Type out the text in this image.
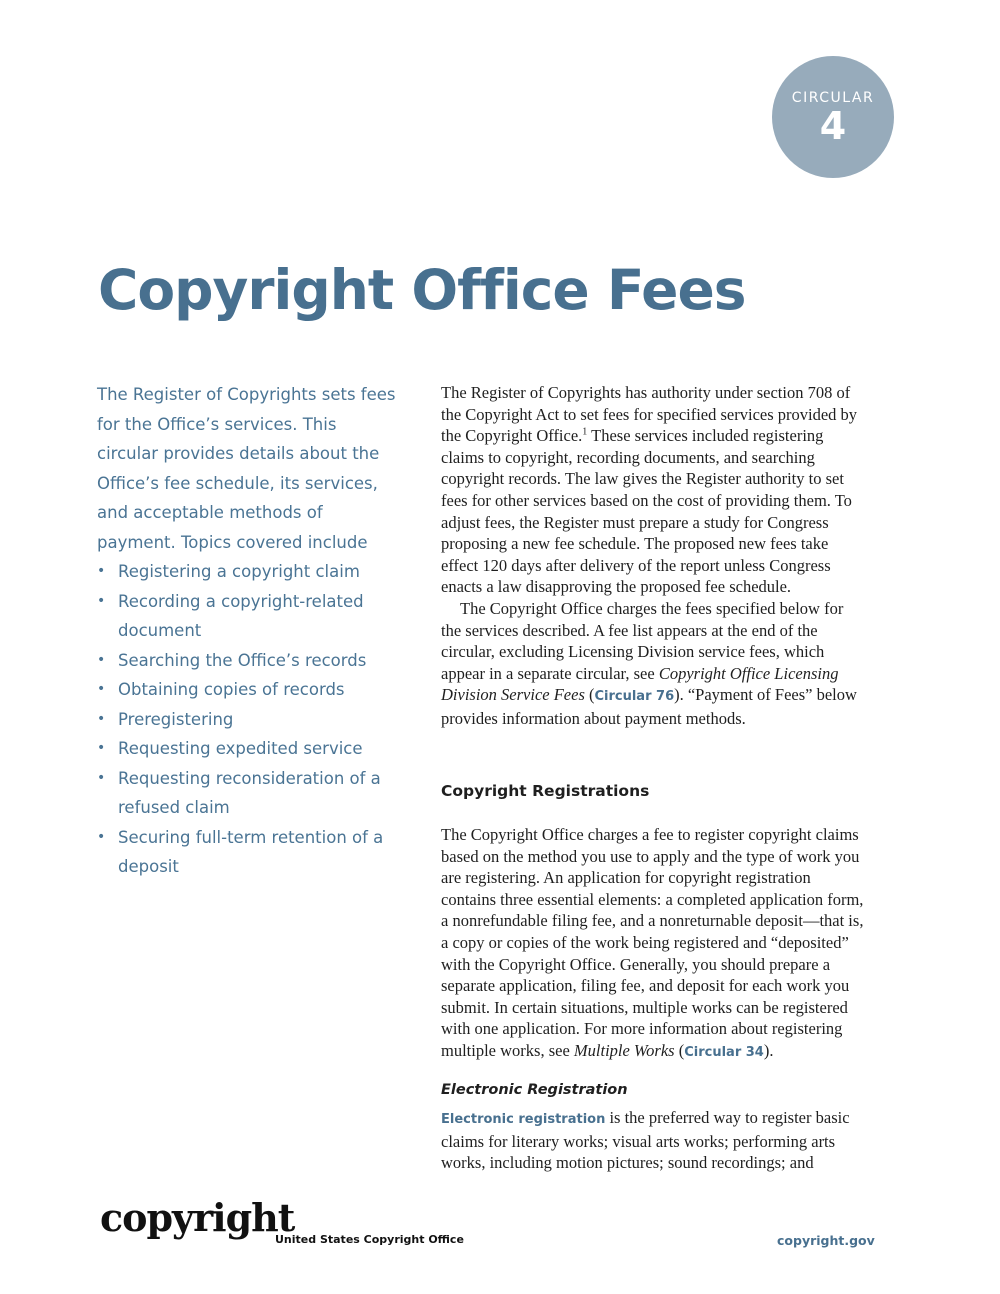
CIRCULAR
4
Copyright Office Fees

The Register of Copyrights sets fees for the Office’s services. This circular provides details about the Office’s fee schedule, its services, and acceptable methods of payment. Topics covered include

• Registering a copyright claim
• Recording a copyright-related document
• Searching the Office’s records
• Obtaining copies of records
• Preregistering
• Requesting expedited service
• Requesting reconsideration of a refused claim
• Securing full-term retention of a deposit

The Register of Copyrights has authority under section 708 of the Copyright Act to set fees for specified services provided by the Copyright Office.$^1$ These services included registering claims to copyright, recording documents, and searching copyright records. The law gives the Register authority to set fees for other services based on the cost of providing them. To adjust fees, the Register must prepare a study for Congress proposing a new fee schedule. The proposed new fees take effect 120 days after delivery of the report unless Congress enacts a law disapproving the proposed fee schedule.

The Copyright Office charges the fees specified below for the services described. A fee list appears at the end of the circular, excluding Licensing Division service fees, which appear in a separate circular, see Copyright Office Licensing Division Service Fees (Circular 76). “Payment of Fees” below provides information about payment methods.

Copyright Registrations

The Copyright Office charges a fee to register copyright claims based on the method you use to apply and the type of work you are registering. An application for copyright registration contains three essential elements: a completed application form, a nonrefundable filing fee, and a nonreturnable deposit—that is, a copy or copies of the work being registered and “deposited” with the Copyright Office. Generally, you should prepare a separate application, filing fee, and deposit for each work you submit. In certain situations, multiple works can be registered with one application. For more information about registering multiple works, see Multiple Works (Circular 34).

Electronic Registration

Electronic registration is the preferred way to register basic claims for literary works; visual arts works; performing arts works, including motion pictures; sound recordings; and

copyright
United States Copyright Office	copyright.gov
